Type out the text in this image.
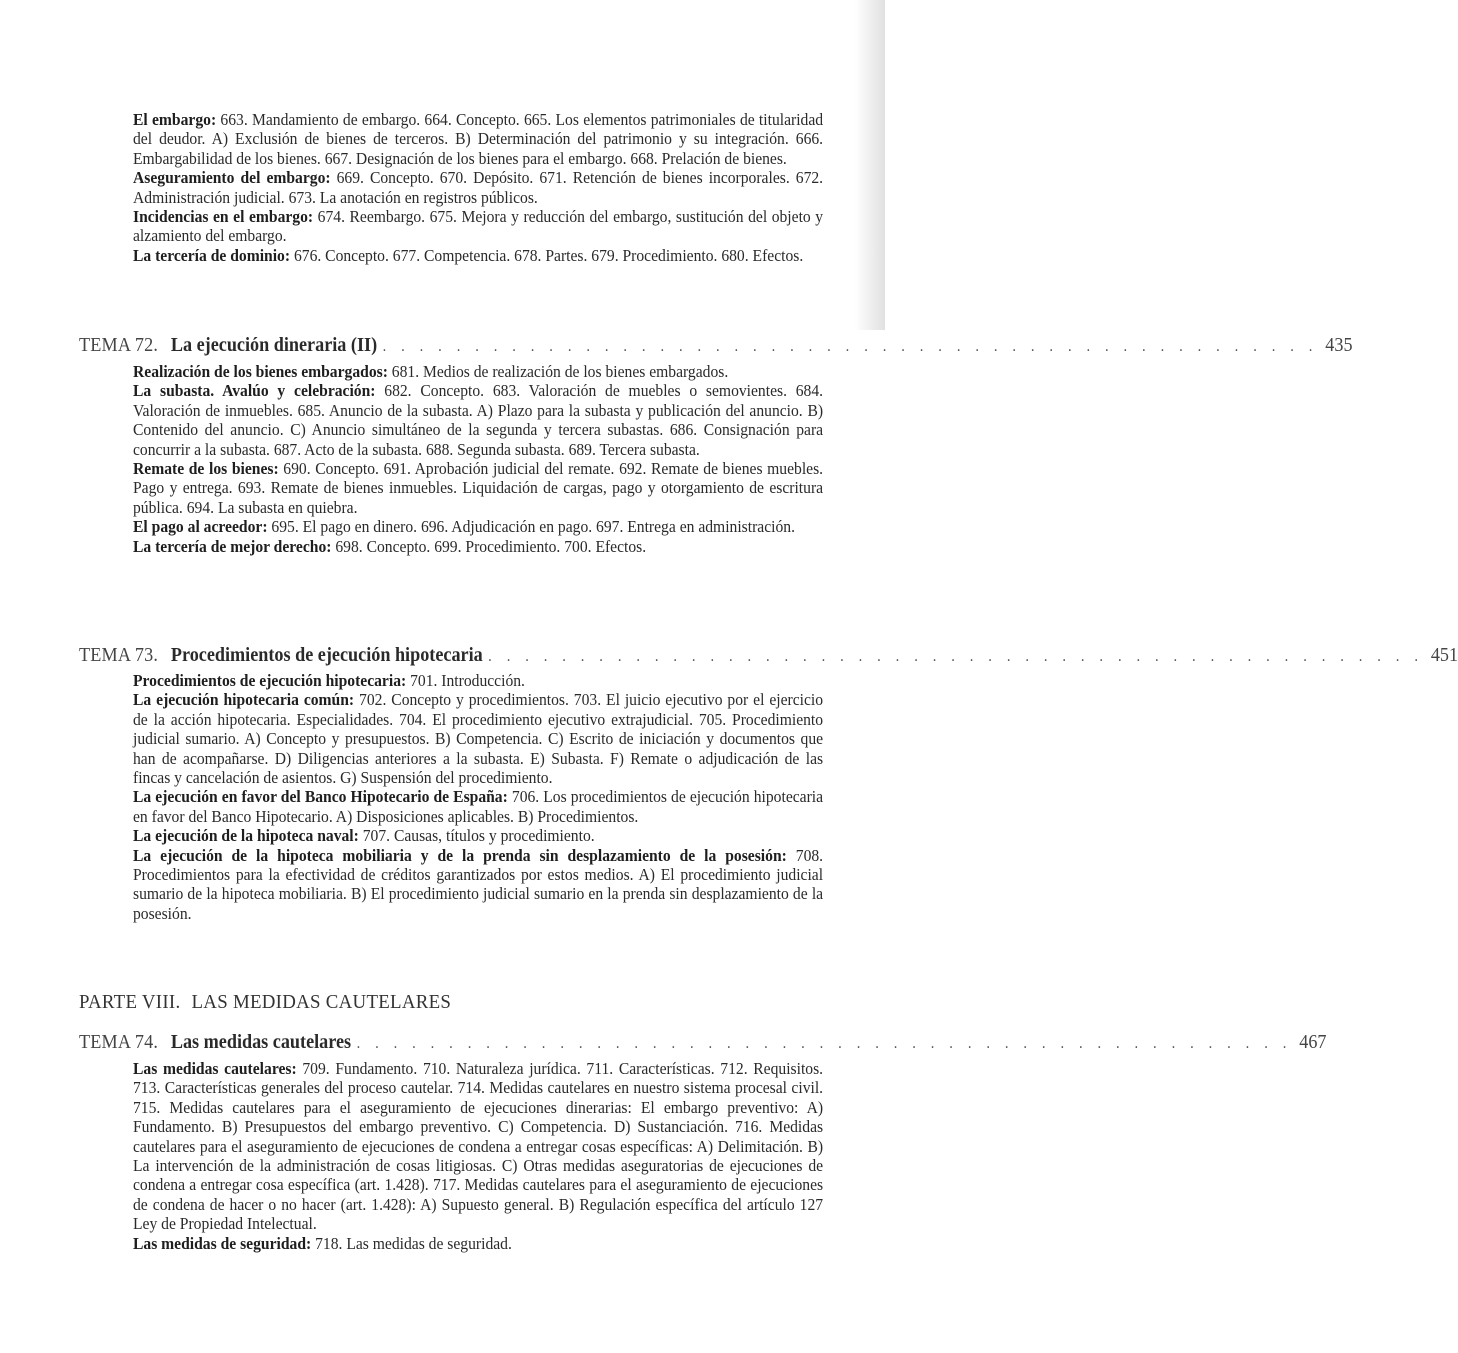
El embargo: 663. Mandamiento de embargo. 664. Concepto. 665. Los elementos patrimoniales de titularidad del deudor. A) Exclusión de bienes de terceros. B) Determinación del patrimonio y su integración. 666. Embargabilidad de los bienes. 667. Designación de los bienes para el embargo. 668. Prelación de bienes.

Aseguramiento del embargo: 669. Concepto. 670. Depósito. 671. Retención de bienes incorporales. 672. Administración judicial. 673. La anotación en registros públicos.

Incidencias en el embargo: 674. Reembargo. 675. Mejora y reducción del embargo, sustitución del objeto y alzamiento del embargo.

La tercería de dominio: 676. Concepto. 677. Competencia. 678. Partes. 679. Procedimiento. 680. Efectos.

TEMA 72. La ejecución dineraria (II) . . . . . . . . . . . . . . . . . . . . . . . . . . . . . . . . . . . . . . . . . . . . . . . . . . . 435

Realización de los bienes embargados: 681. Medios de realización de los bienes embargados.

La subasta. Avalúo y celebración: 682. Concepto. 683. Valoración de muebles o semovientes. 684. Valoración de inmuebles. 685. Anuncio de la subasta. A) Plazo para la subasta y publicación del anuncio. B) Contenido del anuncio. C) Anuncio simultáneo de la segunda y tercera subastas. 686. Consignación para concurrir a la subasta. 687. Acto de la subasta. 688. Segunda subasta. 689. Tercera subasta.

Remate de los bienes: 690. Concepto. 691. Aprobación judicial del remate. 692. Remate de bienes muebles. Pago y entrega. 693. Remate de bienes inmuebles. Liquidación de cargas, pago y otorgamiento de escritura pública. 694. La subasta en quiebra.

El pago al acreedor: 695. El pago en dinero. 696. Adjudicación en pago. 697. Entrega en administración.

La tercería de mejor derecho: 698. Concepto. 699. Procedimiento. 700. Efectos.

TEMA 73. Procedimientos de ejecución hipotecaria . . . . . . . . . . . . . . . . . . . . . . . . . . . . . . . . . . . . . . . . . . . . . . . . . . . 451

Procedimientos de ejecución hipotecaria: 701. Introducción.

La ejecución hipotecaria común: 702. Concepto y procedimientos. 703. El juicio ejecutivo por el ejercicio de la acción hipotecaria. Especialidades. 704. El procedimiento ejecutivo extrajudicial. 705. Procedimiento judicial sumario. A) Concepto y presupuestos. B) Competencia. C) Escrito de iniciación y documentos que han de acompañarse. D) Diligencias anteriores a la subasta. E) Subasta. F) Remate o adjudicación de las fincas y cancelación de asientos. G) Suspensión del procedimiento.

La ejecución en favor del Banco Hipotecario de España: 706. Los procedimientos de ejecución hipotecaria en favor del Banco Hipotecario. A) Disposiciones aplicables. B) Procedimientos.

La ejecución de la hipoteca naval: 707. Causas, títulos y procedimiento.

La ejecución de la hipoteca mobiliaria y de la prenda sin desplazamiento de la posesión: 708. Procedimientos para la efectividad de créditos garantizados por estos medios. A) El procedimiento judicial sumario de la hipoteca mobiliaria. B) El procedimiento judicial sumario en la prenda sin desplazamiento de la posesión.

PARTE VIII. LAS MEDIDAS CAUTELARES
TEMA 74. Las medidas cautelares . . . . . . . . . . . . . . . . . . . . . . . . . . . . . . . . . . . . . . . . . . . . . . . . . . . 467

Las medidas cautelares: 709. Fundamento. 710. Naturaleza jurídica. 711. Características. 712. Requisitos. 713. Características generales del proceso cautelar. 714. Medidas cautelares en nuestro sistema procesal civil. 715. Medidas cautelares para el aseguramiento de ejecuciones dinerarias: El embargo preventivo: A) Fundamento. B) Presupuestos del embargo preventivo. C) Competencia. D) Sustanciación. 716. Medidas cautelares para el aseguramiento de ejecuciones de condena a entregar cosas específicas: A) Delimitación. B) La intervención de la administración de cosas litigiosas. C) Otras medidas aseguratorias de ejecuciones de condena a entregar cosa específica (art. 1.428). 717. Medidas cautelares para el aseguramiento de ejecuciones de condena de hacer o no hacer (art. 1.428): A) Supuesto general. B) Regulación específica del artículo 127 Ley de Propiedad Intelectual.

Las medidas de seguridad: 718. Las medidas de seguridad.
